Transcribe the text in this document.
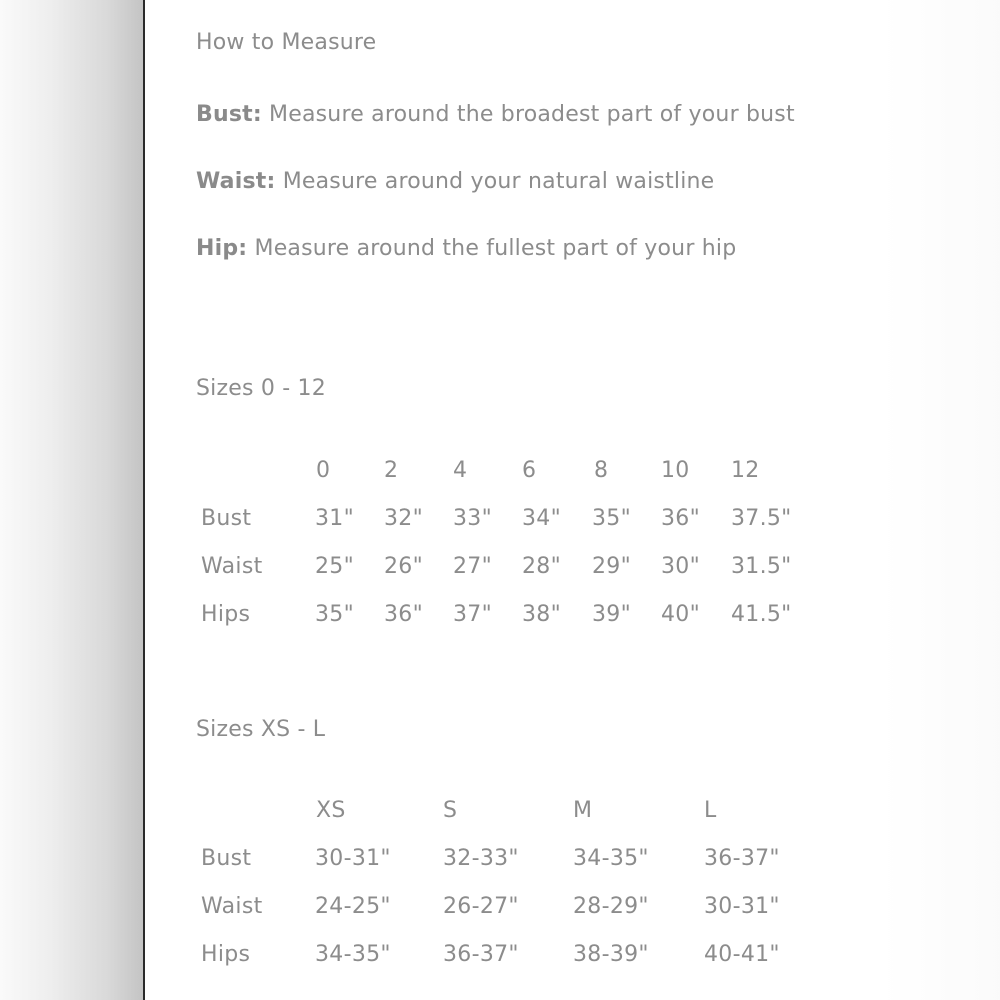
How to Measure
Bust: Measure around the broadest part of your bust
Waist: Measure around your natural waistline
Hip: Measure around the fullest part of your hip
Sizes 0 - 12
0 2 4 6	8 10 12
Bust	31" 32" 33" 34" 35" 36" 37.5"
Waist 25" 26" 27" 28" 29" 30" 31.5"
Hips	35" 36" 37" 38" 39" 40" 41.5"
Sizes XS - L
XS	S	M	L
Bust	30-31" 32-33" 34-35"	36-37"
Waist 24-25" 26-27" 28-29"	30-31"
Hips	34-35" 36-37" 38-39"	40-41"
